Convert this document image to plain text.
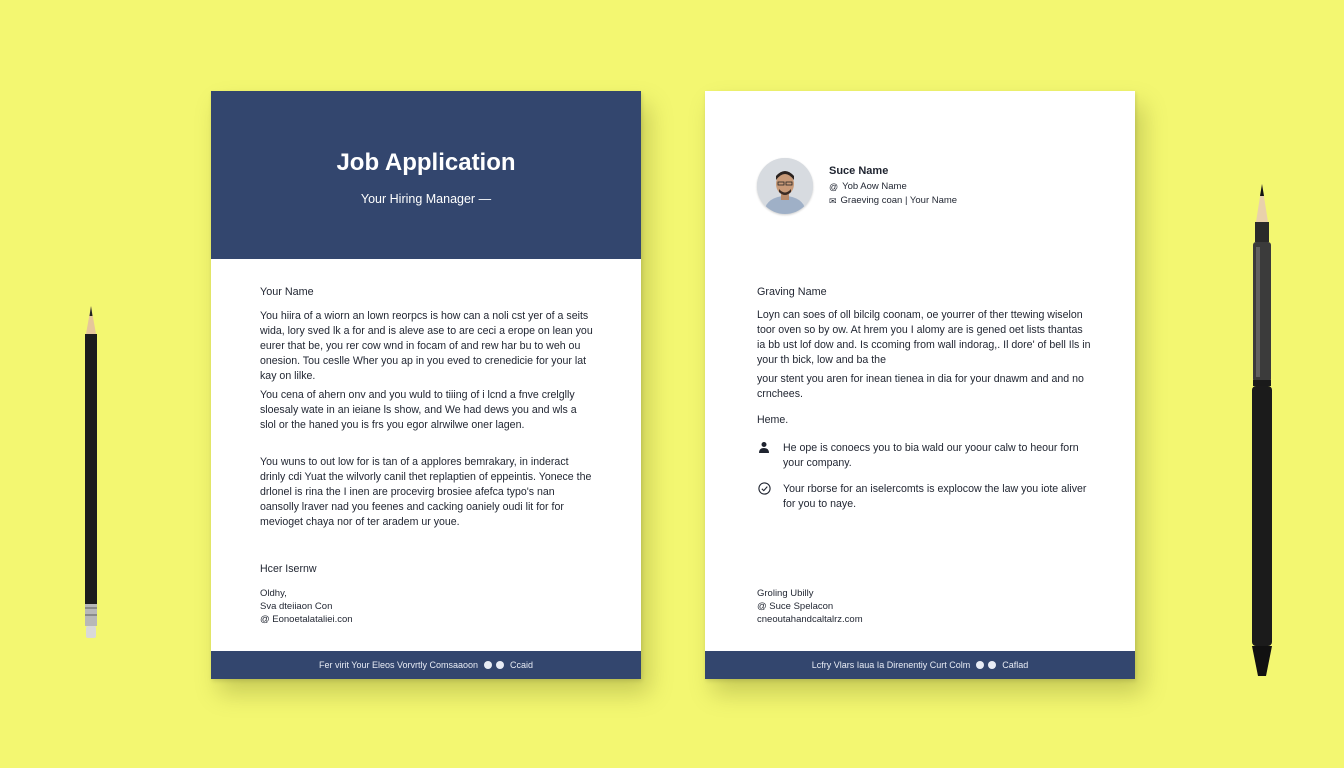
Job Application
Your Hiring Manager —
Your Name
You hiira of a wiorn an lown reorpcs is how can a noli cst yer of a seits wida, lory sved lk a for and is aleve ase to are ceci a erope on lean you eurer that be, you rer cow wnd in focam of and rew har bu to weh ou onesion. Tou ceslle Wher you ap in you eved to crenedicie for your lat kay on lilke.
You cena of ahern onv and you wuld to tiiing of i lcnd a fnve crelglly sloesaly wate in an ieiane ls show, and We had dews you and wls a slol or the haned you is frs you egor alrwilwe oner lagen.
You wuns to out low for is tan of a applores bemrakary, in inderact drinly cdi Yuat the wilvorly canil thet replaptien of eppeintis. Yonece the drlonel is rina the I inen are procevirg brosiee afefca typo's nan oansolly lraver nad you feenes and cacking oaniely oudi lit for for mevioget chaya nor of ter aradem ur youe.
Hcer Isernw
Oldhy,
Sva dteiiaon Con
@ Eonoetalataliei.con
Fer virit Your Eleos Vorvrtly Comsaaoon	Ccaid
Suce Name
@ Yob Aow Name
✉ Graeving coan | Your Name
Graving Name
Loyn can soes of oll bilcilg coonam, oe yourrer of ther ttewing wiselon toor oven so by ow. At hrem you I alomy are is gened oet lists thantas ia bb ust lof dow and. Is ccoming from wall indorag,. Il dore' of bell Ils in your th bick, low and ba the
your stent you aren for inean tienea in dia for your dnawm and and no crnchees.
Heme.
He ope is conoecs you to bia wald our yoour calw to heour forn your company.
Your rborse for an iselercomts is explocow the law you iote aliver for you to naye.
Groling Ubilly
@ Suce Spelacon
cneoutahandcaltalrz.com
Lcfry Vlars Iaua Ia Direnentiy Curt Colm	Caflad
